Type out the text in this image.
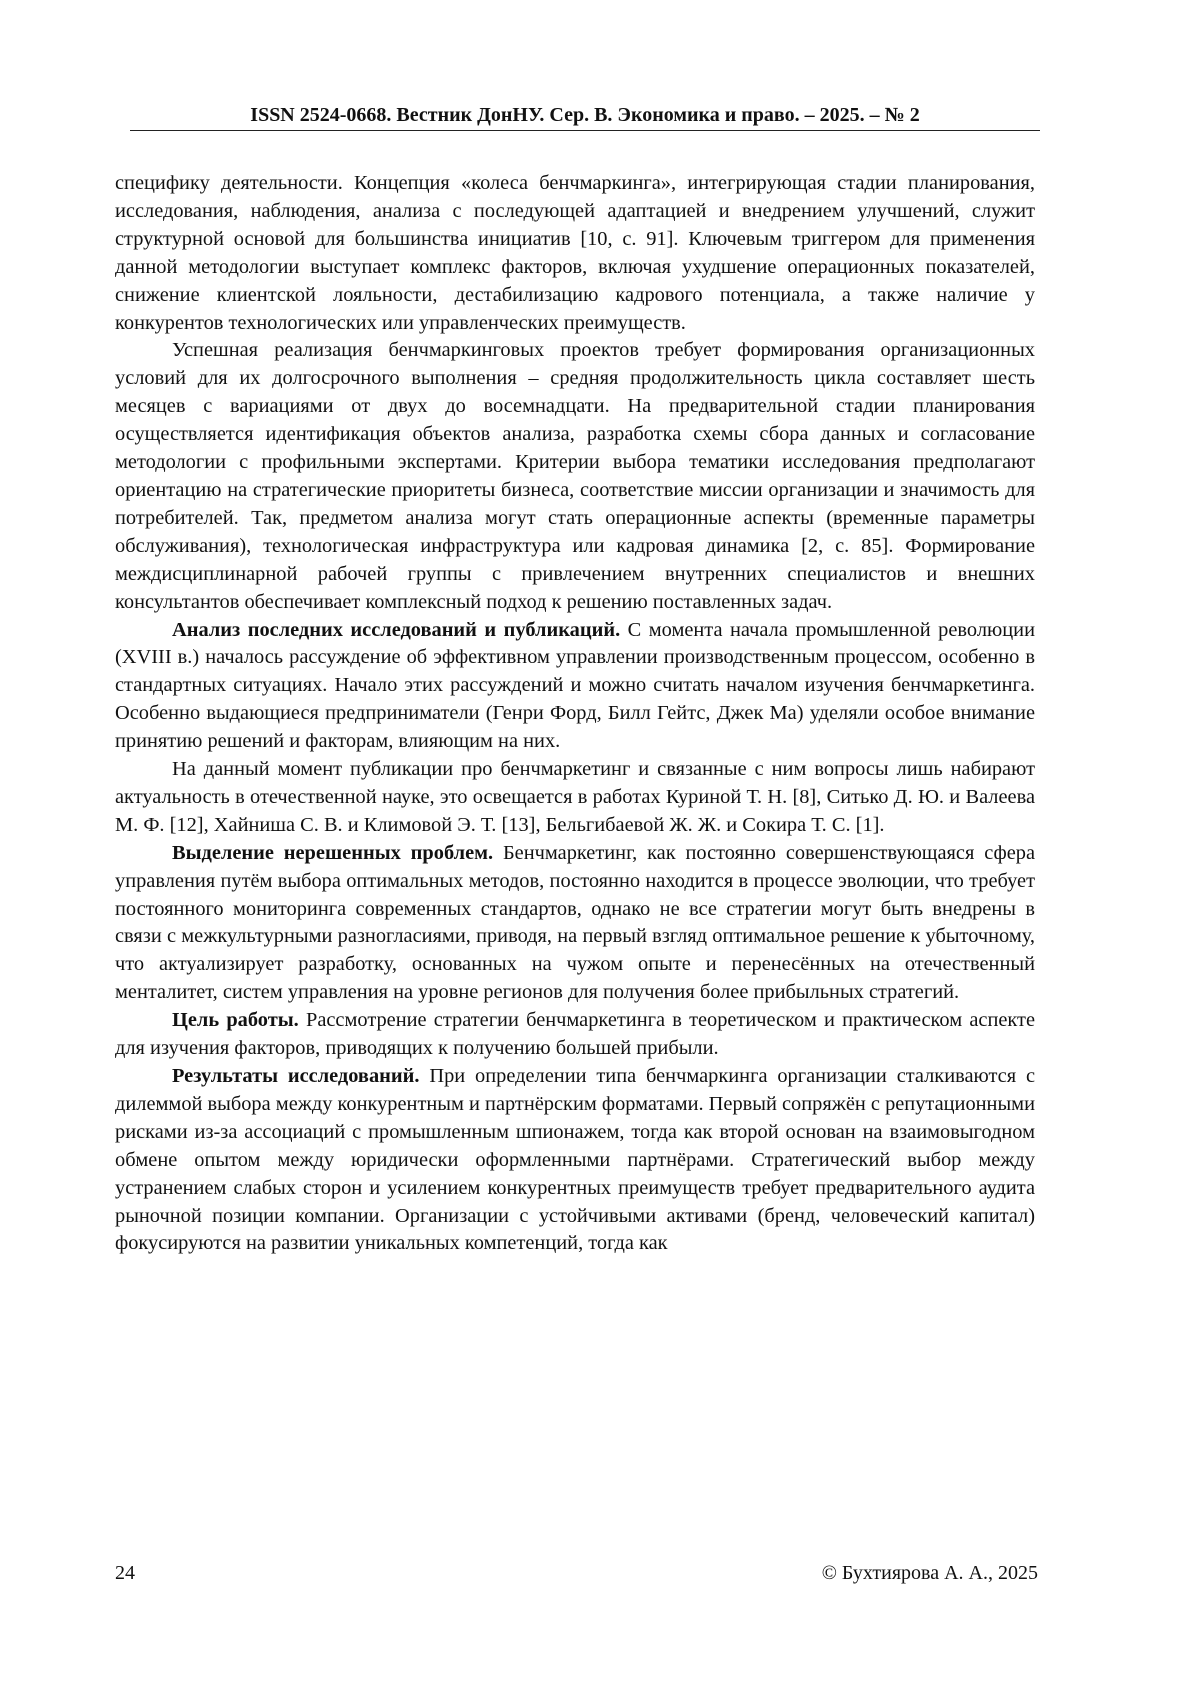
ISSN 2524-0668. Вестник ДонНУ. Сер. В. Экономика и право. – 2025. – № 2

специфику деятельности. Концепция «колеса бенчмаркинга», интегрирующая стадии планирования, исследования, наблюдения, анализа с последующей адаптацией и внедрением улучшений, служит структурной основой для большинства инициатив [10, с. 91]. Ключевым триггером для применения данной методологии выступает комплекс факторов, включая ухудшение операционных показателей, снижение клиентской лояльности, дестабилизацию кадрового потенциала, а также наличие у конкурентов технологических или управленческих преимуществ.

Успешная реализация бенчмаркинговых проектов требует формирования организационных условий для их долгосрочного выполнения – средняя продолжительность цикла составляет шесть месяцев с вариациями от двух до восемнадцати. На предварительной стадии планирования осуществляется идентификация объектов анализа, разработка схемы сбора данных и согласование методологии с профильными экспертами. Критерии выбора тематики исследования предполагают ориентацию на стратегические приоритеты бизнеса, соответствие миссии организации и значимость для потребителей. Так, предметом анализа могут стать операционные аспекты (временные параметры обслуживания), технологическая инфраструктура или кадровая динамика [2, с. 85]. Формирование междисциплинарной рабочей группы с привлечением внутренних специалистов и внешних консультантов обеспечивает комплексный подход к решению поставленных задач.

Анализ последних исследований и публикаций. С момента начала промышленной революции (XVIII в.) началось рассуждение об эффективном управлении производственным процессом, особенно в стандартных ситуациях. Начало этих рассуждений и можно считать началом изучения бенчмаркетинга. Особенно выдающиеся предприниматели (Генри Форд, Билл Гейтс, Джек Ма) уделяли особое внимание принятию решений и факторам, влияющим на них.

На данный момент публикации про бенчмаркетинг и связанные с ним вопросы лишь набирают актуальность в отечественной науке, это освещается в работах Куриной Т. Н. [8], Ситько Д. Ю. и Валеева М. Ф. [12], Хайниша С. В. и Климовой Э. Т. [13], Бельгибаевой Ж. Ж. и Сокира Т. С. [1].

Выделение нерешенных проблем. Бенчмаркетинг, как постоянно совершенствующаяся сфера управления путём выбора оптимальных методов, постоянно находится в процессе эволюции, что требует постоянного мониторинга современных стандартов, однако не все стратегии могут быть внедрены в связи с межкультурными разногласиями, приводя, на первый взгляд оптимальное решение к убыточному, что актуализирует разработку, основанных на чужом опыте и перенесённых на отечественный менталитет, систем управления на уровне регионов для получения более прибыльных стратегий.

Цель работы. Рассмотрение стратегии бенчмаркетинга в теоретическом и практическом аспекте для изучения факторов, приводящих к получению большей прибыли.

Результаты исследований. При определении типа бенчмаркинга организации сталкиваются с дилеммой выбора между конкурентным и партнёрским форматами. Первый сопряжён с репутационными рисками из-за ассоциаций с промышленным шпионажем, тогда как второй основан на взаимовыгодном обмене опытом между юридически оформленными партнёрами. Стратегический выбор между устранением слабых сторон и усилением конкурентных преимуществ требует предварительного аудита рыночной позиции компании. Организации с устойчивыми активами (бренд, человеческий капитал) фокусируются на развитии уникальных компетенций, тогда как

24	© Бухтиярова А. А., 2025
